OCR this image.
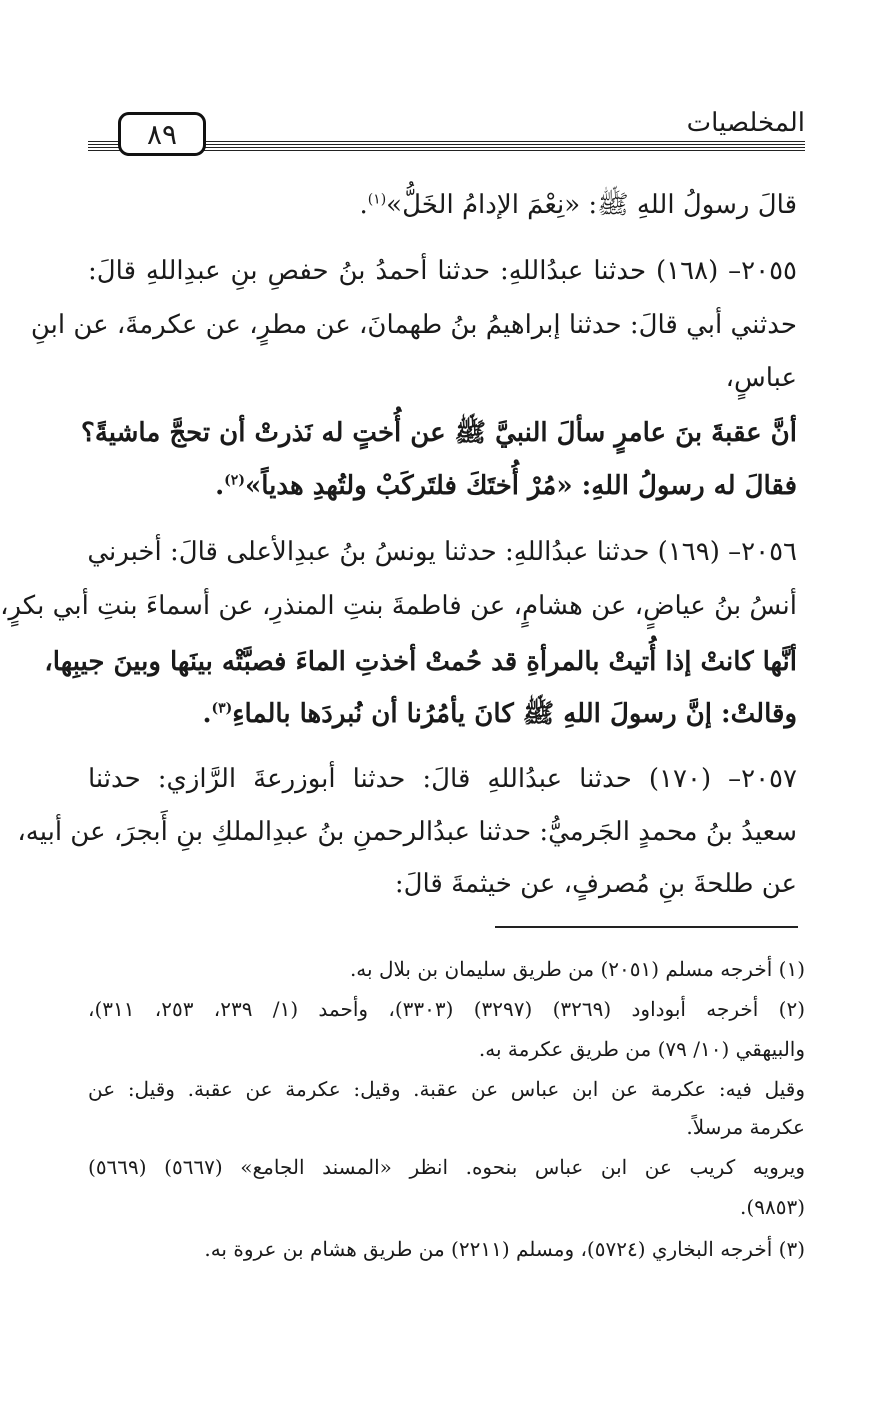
المخلصيات
٨٩
قالَ رسولُ اللهِ ﷺ: «نِعْمَ الإدامُ الخَلُّ»$^{(١)}$.
٢٠٥٥– (١٦٨) حدثنا عبدُاللهِ: حدثنا أحمدُ بنُ حفصِ بنِ عبدِاللهِ قالَ:
حدثني أبي قالَ: حدثنا إبراهيمُ بنُ طهمانَ، عن مطرٍ، عن عكرمةَ، عن ابنِ
عباسٍ،
أنَّ عقبةَ بنَ عامرٍ سألَ النبيَّ ﷺ عن أُختٍ له نَذرتْ أن تحجَّ ماشيةً؟
فقالَ له رسولُ اللهِ: «مُرْ أُختَكَ فلتَركَبْ ولتُهدِ هدياً»$^{(٢)}$.
٢٠٥٦– (١٦٩) حدثنا عبدُاللهِ: حدثنا يونسُ بنُ عبدِالأعلى قالَ: أخبرني
أنسُ بنُ عياضٍ، عن هشامٍ، عن فاطمةَ بنتِ المنذرِ، عن أسماءَ بنتِ أبي بكرٍ،
أنَّها كانتْ إذا أُتيتْ بالمرأةِ قد حُمتْ أخذتِ الماءَ فصبَّتْه بينَها وبينَ جيبِها،
وقالتْ: إنَّ رسولَ اللهِ ﷺ كانَ يأمُرُنا أن نُبردَها بالماءِ$^{(٣)}$.
٢٠٥٧– (١٧٠) حدثنا عبدُاللهِ قالَ: حدثنا أبوزرعةَ الرَّازي: حدثنا
سعيدُ بنُ محمدٍ الجَرميُّ: حدثنا عبدُالرحمنِ بنُ عبدِالملكِ بنِ أَبجرَ، عن أبيه،
عن طلحةَ بنِ مُصرفٍ، عن خيثمةَ قالَ:
(١) أخرجه مسلم (٢٠٥١) من طريق سليمان بن بلال به.
(٢) أخرجه أبوداود (٣٢٦٩) (٣٢٩٧) (٣٣٠٣)، وأحمد (١/ ٢٣٩، ٢٥٣، ٣١١)،
والبيهقي (١٠/ ٧٩) من طريق عكرمة به.
وقيل فيه: عكرمة عن ابن عباس عن عقبة. وقيل: عكرمة عن عقبة. وقيل: عن
عكرمة مرسلاً.
ويرويه كريب عن ابن عباس بنحوه. انظر «المسند الجامع» (٥٦٦٧) (٥٦٦٩)
(٩٨٥٣).
(٣) أخرجه البخاري (٥٧٢٤)، ومسلم (٢٢١١) من طريق هشام بن عروة به.
